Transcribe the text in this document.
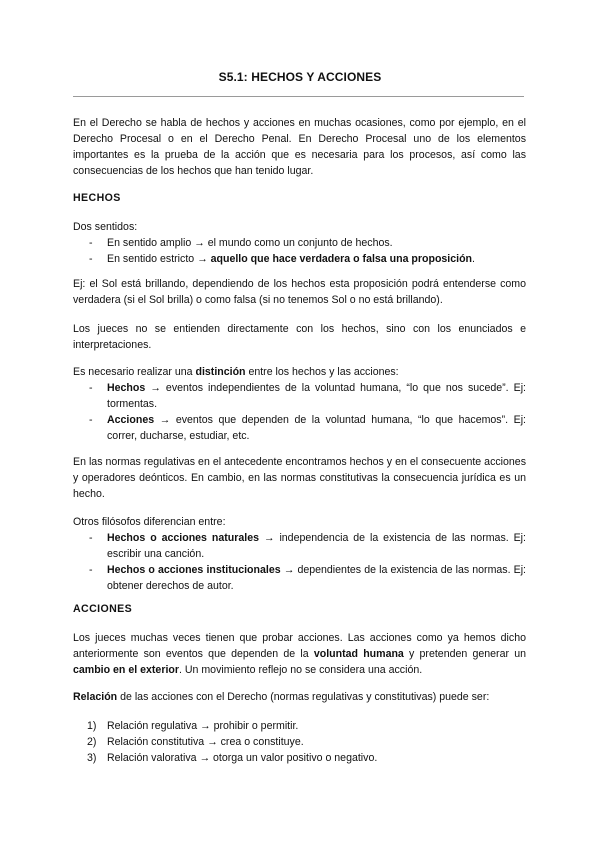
S5.1: HECHOS Y ACCIONES

En el Derecho se habla de hechos y acciones en muchas ocasiones, como por ejemplo, en el Derecho Procesal o en el Derecho Penal. En Derecho Procesal uno de los elementos importantes es la prueba de la acción que es necesaria para los procesos, así como las consecuencias de los hechos que han tenido lugar.

HECHOS

Dos sentidos:

- En sentido amplio → el mundo como un conjunto de hechos.
- En sentido estricto → aquello que hace verdadera o falsa una proposición.

Ej: el Sol está brillando, dependiendo de los hechos esta proposición podrá entenderse como verdadera (si el Sol brilla) o como falsa (si no tenemos Sol o no está brillando).

Los jueces no se entienden directamente con los hechos, sino con los enunciados e interpretaciones.

Es necesario realizar una distinción entre los hechos y las acciones:

- Hechos → eventos independientes de la voluntad humana, “lo que nos sucede”. Ej: tormentas.
- Acciones → eventos que dependen de la voluntad humana, “lo que hacemos”. Ej: correr, ducharse, estudiar, etc.

En las normas regulativas en el antecedente encontramos hechos y en el consecuente acciones y operadores deónticos. En cambio, en las normas constitutivas la consecuencia jurídica es un hecho.

Otros filósofos diferencian entre:

- Hechos o acciones naturales → independencia de la existencia de las normas. Ej: escribir una canción.
- Hechos o acciones institucionales → dependientes de la existencia de las normas. Ej: obtener derechos de autor.

ACCIONES

Los jueces muchas veces tienen que probar acciones. Las acciones como ya hemos dicho anteriormente son eventos que dependen de la voluntad humana y pretenden generar un cambio en el exterior. Un movimiento reflejo no se considera una acción.

Relación de las acciones con el Derecho (normas regulativas y constitutivas) puede ser:

1) Relación regulativa → prohibir o permitir.
2) Relación constitutiva → crea o constituye.
3) Relación valorativa → otorga un valor positivo o negativo.
